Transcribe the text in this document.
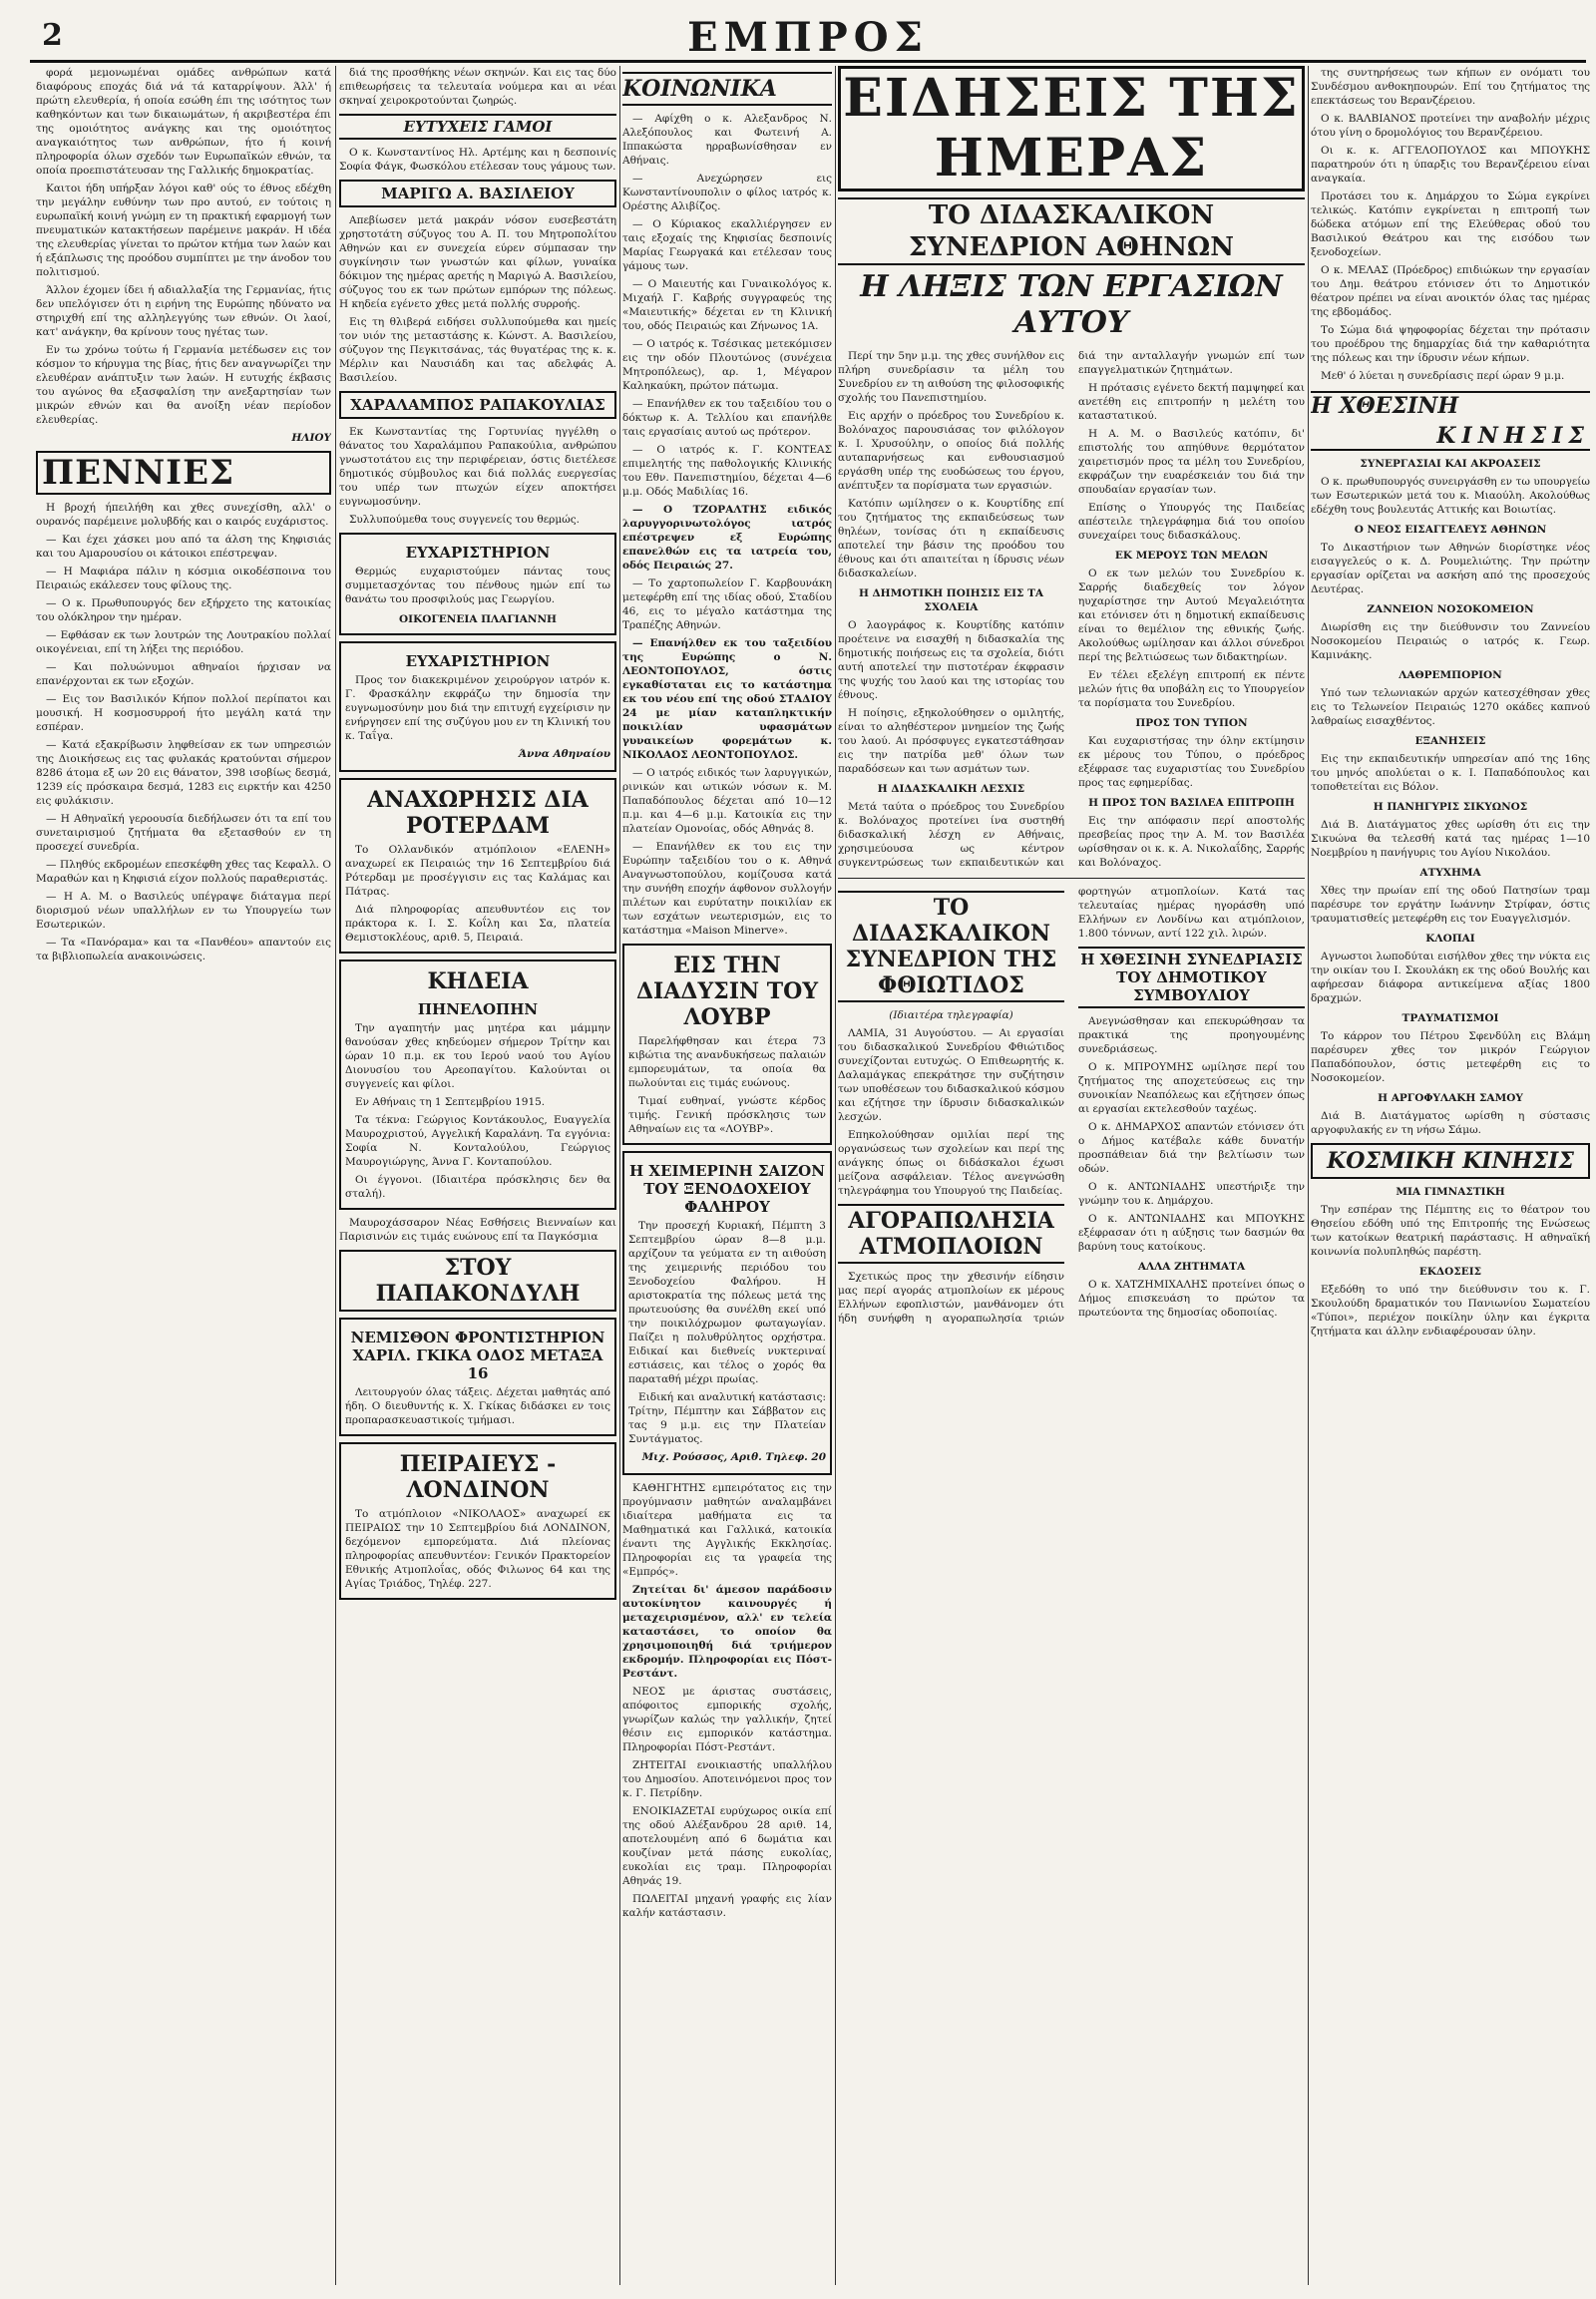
2	ΕΜΠΡΟΣ

φορά μεμονωμέναι ομάδες ανθρώπων κατά διαφόρους εποχάς διά νά τά καταρρίψουν. Άλλ' ή πρώτη ελευθερία, ή οποία εσώθη έπι της ισότητος των καθηκόντων και των δικαιωμάτων, ή ακριβεστέρα έπι της ομοιότητος ανάγκης και της ομοιότητος αναγκαιότητος των ανθρώπων, ήτο ή κοινή πληροφορία όλων σχεδόν των Ευρωπαϊκών εθνών, τα οποία προεπιστάτευσαν της Γαλλικής δημοκρατίας.

Καιτοι ήδη υπήρξαν λόγοι καθ' ούς το έθνος εδέχθη την μεγάλην ευθύνην των προ αυτού, εν τούτοις η ευρωπαϊκή κοινή γνώμη εν τη πρακτική εφαρμογή των πνευματικών κατακτήσεων παρέμεινε μακράν. Η ιδέα της ελευθερίας γίνεται το πρώτον κτήμα των λαών και ή εξάπλωσις της προόδου συμπίπτει με την άνοδον του πολιτισμού.

Άλλον έχομεν ίδει ή αδιαλλαξία της Γερμανίας, ήτις δεν υπελόγισεν ότι η ειρήνη της Ευρώπης ηδύνατο να στηριχθή επί της αλληλεγγύης των εθνών. Οι λαοί, κατ' ανάγκην, θα κρίνουν τους ηγέτας των.

Εν τω χρόνω τούτω ή Γερμανία μετέδωσεν εις τον κόσμον το κήρυγμα της βίας, ήτις δεν αναγνωρίζει την ελευθέραν ανάπτυξιν των λαών. Η ευτυχής έκβασις του αγώνος θα εξασφαλίση την ανεξαρτησίαν των μικρών εθνών και θα ανοίξη νέαν περίοδον ελευθερίας.

ΗΛΙΟΥ
ΠΕΝΝΙΕΣ

Η βροχή ήπειλήθη και χθες συνεχίσθη, αλλ' ο ουρανός παρέμεινε μολυβδής και ο καιρός ευχάριστος.

— Και έχει χάσκει μου από τα άλση της Κηφισιάς και του Αμαρουσίου οι κάτοικοι επέστρεψαν.

— Η Μαφιάρα πάλιν η κόσμια οικοδέσποινα του Πειραιώς εκάλεσεν τους φίλους της.

— Ο κ. Πρωθυπουργός δεν εξήρχετο της κατοικίας του ολόκληρον την ημέραν.

— Εφθάσαν εκ των λουτρών της Λουτρακίου πολλαί οικογένειαι, επί τη λήξει της περιόδου.

— Και πολυώνυμοι αθηναίοι ήρχισαν να επανέρχονται εκ των εξοχών.

— Εις τον Βασιλικόν Κήπον πολλοί περίπατοι και μουσική. Η κοσμοσυρροή ήτο μεγάλη κατά την εσπέραν.

— Κατά εξακρίβωσιν ληφθείσαν εκ των υπηρεσιών της Διοικήσεως εις τας φυλακάς κρατούνται σήμερον 8286 άτομα εξ ων 20 εις θάνατον, 398 ισοβίως δεσμά, 1239 είς πρόσκαιρα δεσμά, 1283 εις ειρκτήν και 4250 εις φυλάκισιν.

— Η Αθηναϊκή γεροουσία διεδήλωσεν ότι τα επί του συνεταιρισμού ζητήματα θα εξετασθούν εν τη προσεχεί συνεδρία.

— Πληθύς εκδρομέων επεσκέφθη χθες τας Κεφαλλ. Ο Μαραθών και η Κηφισιά είχον πολλούς παραθεριστάς.

— Η Α. Μ. ο Βασιλεύς υπέγραψε διάταγμα περί διορισμού νέων υπαλλήλων εν τω Υπουργείω των Εσωτερικών.

— Τα «Πανόραμα» και τα «Πανθέου» απαντούν εις τα βιβλιοπωλεία ανακοινώσεις.

διά της προσθήκης νέων σκηνών. Και εις τας δύο επιθεωρήσεις τα τελευταία νούμερα και αι νέαι σκηναί χειροκροτούνται ζωηρώς.

ΕΥΤΥΧΕΙΣ ΓΑΜΟΙ

Ο κ. Κωνσταντίνος Ηλ. Αρτέμης και η δεσποινίς Σοφία Φάγκ, Φωσκόλου ετέλεσαν τους γάμους των.

ΜΑΡΙΓΩ Α. ΒΑΣΙΛΕΙΟΥ

Απεβίωσεν μετά μακράν νόσον ευσεβεστάτη χρηστοτάτη σύζυγος του Α. Π. του Μητροπολίτου Αθηνών και εν συνεχεία εύρεν σύμπασαν την συγκίνησιν των γνωστών και φίλων, γυναίκα δόκιμον της ημέρας αρετής η Μαριγώ Α. Βασιλείου, σύζυγος του εκ των πρώτων εμπόρων της πόλεως. Η κηδεία εγένετο χθες μετά πολλής συρροής.

Εις τη θλιβερά ειδήσει συλλυπούμεθα και ημείς τον υιόν της μεταστάσης κ. Κώνστ. Α. Βασιλείου, σύζυγον της Πεγκιτσάνας, τάς θυγατέρας της κ. κ. Μέρλιν και Ναυσιάδη και τας αδελφάς Α. Βασιλείου.

ΧΑΡΑΛΑΜΠΟΣ ΡΑΠΑΚΟΥΛΙΑΣ

Εκ Κωνσταντίας της Γορτυνίας ηγγέλθη ο θάνατος του Χαραλάμπου Ραπακούλια, ανθρώπου γνωστοτάτου εις την περιφέρειαν, όστις διετέλεσε δημοτικός σύμβουλος και διά πολλάς ευεργεσίας του υπέρ των πτωχών είχεν αποκτήσει ευγνωμοσύνην.

Συλλυπούμεθα τους συγγενείς του θερμώς.

ΕΥΧΑΡΙΣΤΗΡΙΟΝ

Θερμώς ευχαριστούμεν πάντας τους συμμετασχόντας του πένθους ημών επί τω θανάτω του προσφιλούς μας Γεωργίου.

ΟΙΚΟΓΕΝΕΙΑ ΠΛΑΓΙΑΝΝΗ
ΕΥΧΑΡΙΣΤΗΡΙΟΝ

Προς τον διακεκριμένον χειρούργον ιατρόν κ. Γ. Φρασκάλην εκφράζω την δημοσία την ευγνωμοσύνην μου διά την επιτυχή εγχείρισιν ην ενήργησεν επί της συζύγου μου εν τη Κλινική του κ. Ταΐγα.

Άννα Αθηναίου
ΑΝΑΧΩΡΗΣΙΣ ΔΙΑ ΡΟΤΕΡΔΑΜ

Το Ολλανδικόν ατμόπλοιον «ΕΛΕΝΗ» αναχωρεί εκ Πειραιώς την 16 Σεπτεμβρίου διά Ρότερδαμ με προσέγγισιν εις τας Καλάμας και Πάτρας.

Διά πληροφορίας απευθυντέον εις τον πράκτορα κ. Ι. Σ. Κοΐλη και Σα, πλατεία Θεμιστοκλέους, αριθ. 5, Πειραιά.

ΚΗΔΕΙΑ
ΠΗΝΕΛΟΠΗΝ

Την αγαπητήν μας μητέρα και μάμμην θανούσαν χθες κηδεύομεν σήμερον Τρίτην και ώραν 10 π.μ. εκ του Ιερού ναού του Αγίου Διονυσίου του Αρεοπαγίτου. Καλούνται οι συγγενείς και φίλοι.

Εν Αθήναις τη 1 Σεπτεμβρίου 1915.

Τα τέκνα: Γεώργιος Κοντάκουλος, Ευαγγελία Μαυροχριστού, Αγγελική Καραλάνη. Τα εγγόνια: Σοφία Ν. Κονταλούλου, Γεώργιος Μαυρογιώργης, Άννα Γ. Κονταπούλου.

Οι έγγονοι. (Ιδιαιτέρα πρόσκλησις δεν θα σταλή).

Μαυροχάσσαρον Νέας Εσθήσεις Βιενναίων και Παρισινών εις τιμάς ευώνους επί τα Παγκόσμια

ΣΤΟΥ ΠΑΠΑΚΟΝΔΥΛΗ
ΝΕΜΙΣΘΟΝ ΦΡΟΝΤΙΣΤΗΡΙΟΝ ΧΑΡΙΛ. ΓΚΙΚΑ ΟΔΟΣ ΜΕΤΑΞΑ 16

Λειτουργούν όλας τάξεις. Δέχεται μαθητάς από ήδη. Ο διευθυντής κ. Χ. Γκίκας διδάσκει εν τοις προπαρασκευαστικοίς τμήμασι.

ΠΕΙΡΑΙΕΥΣ - ΛΟΝΔΙΝΟΝ

Το ατμόπλοιον «ΝΙΚΟΛΑΟΣ» αναχωρεί εκ ΠΕΙΡΑΙΩΣ την 10 Σεπτεμβρίου διά ΛΟΝΔΙΝΟΝ, δεχόμενον εμπορεύματα. Διά πλείονας πληροφορίας απευθυντέον: Γενικόν Πρακτορείον Εθνικής Ατμοπλοΐας, οδός Φιλωνος 64 και της Αγίας Τριάδος, Τηλέφ. 227.

ΚΟΙΝΩΝΙΚΑ

— Αφίχθη ο κ. Αλεξανδρος Ν. Αλεξόπουλος και Φωτεινή Α. Ιππακώστα ηρραβωνίσθησαν εν Αθήναις.

— Ανεχώρησεν εις Κωνσταντίνουπολιν ο φίλος ιατρός κ. Ορέστης Αλιβίζος.

— Ο Κύριακος εκαλλιέργησεν εν ταις εξοχαίς της Κηφισίας δεσποινίς Μαρίας Γεωργακά και ετέλεσαν τους γάμους των.

— Ο Μαιευτής και Γυναικολόγος κ. Μιχαήλ Γ. Καβρής συγγραφεύς της «Μαιευτικής» δέχεται εν τη Κλινική του, οδός Πειραιώς και Ζήνωνος 1Α.

— Ο ιατρός κ. Τσέσικας μετεκόμισεν εις την οδόν Πλουτώνος (συνέχεια Μητροπόλεως), αρ. 1, Μέγαρον Καληκαύκη, πρώτον πάτωμα.

— Επανήλθεν εκ του ταξειδίου του ο δόκτωρ κ. Α. Τελλίου και επανήλθε ταις εργασίαις αυτού ως πρότερον.

— Ο ιατρός κ. Γ. ΚΟΝΤΕΑΣ επιμελητής της παθολογικής Κλινικής του Εθν. Πανεπιστημίου, δέχεται 4—6 μ.μ. Οδός Μαδιλίας 16.

— Ο ΤΖΟΡΑΛΤΗΣ ειδικός λαρυγγορινωτολόγος ιατρός επέστρεψεν εξ Ευρώπης επανελθών εις τα ιατρεία του, οδός Πειραιώς 27.

— Το χαρτοπωλείον Γ. Καρβουνάκη μετεφέρθη επί της ιδίας οδού, Σταδίου 46, εις το μέγαλο κατάστημα της Τραπέζης Αθηνών.

— Επανήλθεν εκ του ταξειδίου της Ευρώπης ο Ν. ΛΕΟΝΤΟΠΟΥΛΟΣ, όστις εγκαθίσταται εις το κατάστημα εκ του νέου επί της οδού ΣΤΑΔΙΟΥ 24 με μίαν καταπληκτικήν ποικιλίαν υφασμάτων γυναικείων φορεμάτων κ. ΝΙΚΟΛΑΟΣ ΛΕΟΝΤΟΠΟΥΛΟΣ.

— Ο ιατρός ειδικός των λαρυγγικών, ρινικών και ωτικών νόσων κ. Μ. Παπαδόπουλος δέχεται από 10—12 π.μ. και 4—6 μ.μ. Κατοικία εις την πλατείαν Ομονοίας, οδός Αθηνάς 8.

— Επανήλθεν εκ του εις την Ευρώπην ταξειδίου του ο κ. Αθηνά Αναγνωστοπούλου, κομίζουσα κατά την συνήθη εποχήν άφθονον συλλογήν πιλέτων και ευρύτατην ποικιλίαν εκ των εσχάτων νεωτερισμών, εις το κατάστημα «Maison Minerve».

ΕΙΣ ΤΗΝ ΔΙΑΔΥΣΙΝ ΤΟΥ ΛΟΥΒΡ

Παρελήφθησαν και έτερα 73 κιβώτια της ανανδυκήσεως παλαιών εμπορευμάτων, τα οποία θα πωλούνται εις τιμάς ευώνους.

Τιμαί ευθηναί, γνώστε κέρδος τιμής. Γενική πρόσκλησις των Αθηναίων εις τα «ΛΟΥΒΡ».

Η ΧΕΙΜΕΡΙΝΗ ΣΑΙΖΟΝ ΤΟΥ ΞΕΝΟΔΟΧΕΙΟΥ ΦΑΛΗΡΟΥ

Την προσεχή Κυριακή, Πέμπτη 3 Σεπτεμβρίου ώραν 8—8 μ.μ. αρχίζουν τα γεύματα εν τη αιθούση της χειμερινής περιόδου του Ξενοδοχείου Φαλήρου. Η αριστοκρατία της πόλεως μετά της πρωτευούσης θα συνέλθη εκεί υπό την ποικιλόχρωμον φωταγωγίαν. Παίζει η πολυθρύλητος ορχήστρα. Ειδικαί και διεθνείς νυκτεριναί εστιάσεις, και τέλος ο χορός θα παραταθή μέχρι πρωίας.

Ειδική και αναλυτική κατάστασις: Τρίτην, Πέμπτην και Σάββατον εις τας 9 μ.μ. εις την Πλατείαν Συντάγματος.

Μιχ. Ρούσσος, Αριθ. Τηλεφ. 20

ΚΑΘΗΓΗΤΗΣ εμπειρότατος εις την προγύμνασιν μαθητών αναλαμβάνει ιδιαίτερα μαθήματα εις τα Μαθηματικά και Γαλλικά, κατοικία έναντι της Αγγλικής Εκκλησίας. Πληροφορίαι εις τα γραφεία της «Εμπρός».

Ζητείται δι' άμεσον παράδοσιν αυτοκίνητον καινουργές ή μεταχειρισμένον, αλλ' εν τελεία καταστάσει, το οποίον θα χρησιμοποιηθή διά τριήμερον εκδρομήν. Πληροφορίαι εις Πόστ-Ρεστάντ.

ΝΕΟΣ με άριστας συστάσεις, απόφοιτος εμπορικής σχολής, γνωρίζων καλώς την γαλλικήν, ζητεί θέσιν εις εμπορικόν κατάστημα. Πληροφορίαι Πόστ-Ρεστάντ.

ΖΗΤΕΙΤΑΙ ενοικιαστής υπαλλήλου του Δημοσίου. Αποτεινόμενοι προς τον κ. Γ. Πετρίδην.

ΕΝΟΙΚΙΑΖΕΤΑΙ ευρύχωρος οικία επί της οδού Αλέξανδρου 28 αριθ. 14, αποτελουμένη από 6 δωμάτια και κουζίναν μετά πάσης ευκολίας, ευκολίαι εις τραμ. Πληροφορίαι Αθηνάς 19.

ΠΩΛΕΙΤΑΙ μηχανή γραφής εις λίαν καλήν κατάστασιν.

ΕΙΔΗΣΕΙΣ ΤΗΣ ΗΜΕΡΑΣ
ΤΟ ΔΙΔΑΣΚΑΛΙΚΟΝ ΣΥΝΕΔΡΙΟΝ ΑΘΗΝΩΝ
Η ΛΗΞΙΣ ΤΩΝ ΕΡΓΑΣΙΩΝ ΑΥΤΟΥ

Περί την 5ην μ.μ. της χθες συνήλθον εις πλήρη συνεδρίασιν τα μέλη του Συνεδρίου εν τη αιθούση της φιλοσοφικής σχολής του Πανεπιστημίου.

Εις αρχήν ο πρόεδρος του Συνεδρίου κ. Βολόναχος παρουσιάσας τον φιλόλογον κ. Ι. Χρυσούλην, ο οποίος διά πολλής αυταπαρνήσεως και ενθουσιασμού εργάσθη υπέρ της ευοδώσεως του έργου, ανέπτυξεν τα πορίσματα των εργασιών.

Κατόπιν ωμίλησεν ο κ. Κουρτίδης επί του ζητήματος της εκπαιδεύσεως των θηλέων, τονίσας ότι η εκπαίδευσις αποτελεί την βάσιν της προόδου του έθνους και ότι απαιτείται η ίδρυσις νέων διδασκαλείων.

Η ΔΗΜΟΤΙΚΗ ΠΟΙΗΣΙΣ ΕΙΣ ΤΑ ΣΧΟΛΕΙΑ

Ο λαογράφος κ. Κουρτίδης κατόπιν προέτεινε να εισαχθή η διδασκαλία της δημοτικής ποιήσεως εις τα σχολεία, διότι αυτή αποτελεί την πιστοτέραν έκφρασιν της ψυχής του λαού και της ιστορίας του έθνους.

Η ποίησις, εξηκολούθησεν ο ομιλητής, είναι το αληθέστερον μνημείον της ζωής του λαού. Αι πρόσφυγες εγκατεστάθησαν εις την πατρίδα μεθ' όλων των παραδόσεων και των ασμάτων των.

Η ΔΙΔΑΣΚΑΛΙΚΗ ΛΕΣΧΙΣ

Μετά ταύτα ο πρόεδρος του Συνεδρίου κ. Βολόναχος προτείνει ίνα συστηθή διδασκαλική λέσχη εν Αθήναις, χρησιμεύουσα ως κέντρον συγκεντρώσεως των εκπαιδευτικών και διά την ανταλλαγήν γνωμών επί των επαγγελματικών ζητημάτων.

Η πρότασις εγένετο δεκτή παμψηφεί και ανετέθη εις επιτροπήν η μελέτη του καταστατικού.

Η Α. Μ. ο Βασιλεύς κατόπιν, δι' επιστολής του απηύθυνε θερμότατον χαιρετισμόν προς τα μέλη του Συνεδρίου, εκφράζων την ευαρέσκειάν του διά την σπουδαίαν εργασίαν των.

Επίσης ο Υπουργός της Παιδείας απέστειλε τηλεγράφημα διά του οποίου συνεχαίρει τους διδασκάλους.

ΕΚ ΜΕΡΟΥΣ ΤΩΝ ΜΕΛΩΝ

Ο εκ των μελών του Συνεδρίου κ. Σαρρής διαδεχθείς τον λόγον ηυχαρίστησε την Αυτού Μεγαλειότητα και ετόνισεν ότι η δημοτική εκπαίδευσις είναι το θεμέλιον της εθνικής ζωής. Ακολούθως ωμίλησαν και άλλοι σύνεδροι περί της βελτιώσεως των διδακτηρίων.

Εν τέλει εξελέγη επιτροπή εκ πέντε μελών ήτις θα υποβάλη εις το Υπουργείον τα πορίσματα του Συνεδρίου.

ΠΡΟΣ ΤΟΝ ΤΥΠΟΝ

Και ευχαριστήσας την όλην εκτίμησιν εκ μέρους του Τύπου, ο πρόεδρος εξέφρασε τας ευχαριστίας του Συνεδρίου προς τας εφημερίδας.

Η ΠΡΟΣ ΤΟΝ ΒΑΣΙΛΕΑ ΕΠΙΤΡΟΠΗ

Εις την απόφασιν περί αποστολής πρεσβείας προς την Α. Μ. τον Βασιλέα ωρίσθησαν οι κ. κ. Α. Νικολαΐδης, Σαρρής και Βολόναχος.

ΤΟ ΔΙΔΑΣΚΑΛΙΚΟΝ ΣΥΝΕΔΡΙΟΝ ΤΗΣ ΦΘΙΩΤΙΔΟΣ
(Ιδιαιτέρα τηλεγραφία)

ΛΑΜΙΑ, 31 Αυγούστου. — Αι εργασίαι του διδασκαλικού Συνεδρίου Φθιώτιδος συνεχίζονται ευτυχώς. Ο Επιθεωρητής κ. Δαλαμάγκας επεκράτησε την συζήτησιν των υποθέσεων του διδασκαλικού κόσμου και εζήτησε την ίδρυσιν διδασκαλικών λεσχών.

Επηκολούθησαν ομιλίαι περί της οργανώσεως των σχολείων και περί της ανάγκης όπως οι διδάσκαλοι έχωσι μείζονα ασφάλειαν. Τέλος ανεγνώσθη τηλεγράφημα του Υπουργού της Παιδείας.

ΑΓΟΡΑΠΩΛΗΣΙΑ ΑΤΜΟΠΛΟΙΩΝ

Σχετικώς προς την χθεσινήν είδησιν μας περί αγοράς ατμοπλοίων εκ μέρους Ελλήνων εφοπλιστών, μανθάνομεν ότι ήδη συνήφθη η αγοραπωλησία τριών φορτηγών ατμοπλοίων. Κατά τας τελευταίας ημέρας ηγοράσθη υπό Ελλήνων εν Λονδίνω και ατμόπλοιον, 1.800 τόννων, αντί 122 χιλ. λιρών.

Η ΧΘΕΣΙΝΗ ΣΥΝΕΔΡΙΑΣΙΣ ΤΟΥ ΔΗΜΟΤΙΚΟΥ ΣΥΜΒΟΥΛΙΟΥ

Ανεγνώσθησαν και επεκυρώθησαν τα πρακτικά της προηγουμένης συνεδριάσεως.

Ο κ. ΜΠΡΟΥΜΗΣ ωμίλησε περί του ζητήματος της αποχετεύσεως εις την συνοικίαν Νεαπόλεως και εζήτησεν όπως αι εργασίαι εκτελεσθούν ταχέως.

Ο κ. ΔΗΜΑΡΧΟΣ απαντών ετόνισεν ότι ο Δήμος κατέβαλε κάθε δυνατήν προσπάθειαν διά την βελτίωσιν των οδών.

Ο κ. ΑΝΤΩΝΙΑΔΗΣ υπεστήριξε την γνώμην του κ. Δημάρχου.

Ο κ. ΑΝΤΩΝΙΑΔΗΣ και ΜΠΟΥΚΗΣ εξέφρασαν ότι η αύξησις των δασμών θα βαρύνη τους κατοίκους.

ΑΛΛΑ ΖΗΤΗΜΑΤΑ

Ο κ. ΧΑΤΖΗΜΙΧΑΛΗΣ προτείνει όπως ο Δήμος επισκευάση το πρώτον τα πρωτεύοντα της δημοσίας οδοποιίας.

της συντηρήσεως των κήπων εν ονόματι του Συνδέσμου ανθοκηπουρών. Επί του ζητήματος της επεκτάσεως του Βερανζέρειου.

Ο κ. ΒΑΛΒΙΑΝΟΣ προτείνει την αναβολήν μέχρις ότου γίνη ο δρομολόγιος του Βερανζέρειου.

Οι κ. κ. ΑΓΓΕΛΟΠΟΥΛΟΣ και ΜΠΟΥΚΗΣ παρατηρούν ότι η ύπαρξις του Βερανζέρειου είναι αναγκαία.

Προτάσει του κ. Δημάρχου το Σώμα εγκρίνει τελικώς. Κατόπιν εγκρίνεται η επιτροπή των δώδεκα ατόμων επί της Ελεύθερας οδού του Βασιλικού Θεάτρου και της εισόδου των ξενοδοχείων.

Ο κ. ΜΕΛΑΣ (Πρόεδρος) επιδιώκων την εργασίαν του Δημ. θεάτρου ετόνισεν ότι το Δημοτικόν θέατρον πρέπει να είναι ανοικτόν όλας τας ημέρας της εβδομάδος.

Το Σώμα διά ψηφοφορίας δέχεται την πρότασιν του προέδρου της δημαρχίας διά την καθαριότητα της πόλεως και την ίδρυσιν νέων κήπων.

Μεθ' ό λύεται η συνεδρίασις περί ώραν 9 μ.μ.

Η ΧΘΕΣΙΝΗ
ΚΙΝΗΣΙΣ
ΣΥΝΕΡΓΑΣΙΑΙ ΚΑΙ ΑΚΡΟΑΣΕΙΣ

Ο κ. πρωθυπουργός συνειργάσθη εν τω υπουργείω των Εσωτερικών μετά του κ. Μιαούλη. Ακολούθως εδέχθη τους βουλευτάς Αττικής και Βοιωτίας.

Ο ΝΕΟΣ ΕΙΣΑΓΓΕΛΕΥΣ ΑΘΗΝΩΝ

Το Δικαστήριον των Αθηνών διορίστηκε νέος εισαγγελεύς ο κ. Δ. Ρουμελιώτης. Την πρώτην εργασίαν ορίζεται να ασκήση από της προσεχούς Δευτέρας.

ΖΑΝΝΕΙΟΝ ΝΟΣΟΚΟΜΕΙΟΝ

Διωρίσθη εις την διεύθυνσιν του Ζαννείου Νοσοκομείου Πειραιώς ο ιατρός κ. Γεωρ. Καμινάκης.

ΛΑΘΡΕΜΠΟΡΙΟΝ

Υπό των τελωνιακών αρχών κατεσχέθησαν χθες εις το Τελωνείον Πειραιώς 1270 οκάδες καπνού λαθραίως εισαχθέντος.

ΕΞΑΝΗΣΕΙΣ

Εις την εκπαιδευτικήν υπηρεσίαν από της 16ης του μηνός απολύεται ο κ. Ι. Παπαδόπουλος και τοποθετείται εις Βόλον.

Η ΠΑΝΗΓΥΡΙΣ ΣΙΚΥΩΝΟΣ

Διά Β. Διατάγματος χθες ωρίσθη ότι εις την Σικυώνα θα τελεσθή κατά τας ημέρας 1—10 Νοεμβρίου η πανήγυρις του Αγίου Νικολάου.

ΑΤΥΧΗΜΑ

Χθες την πρωίαν επί της οδού Πατησίων τραμ παρέσυρε τον εργάτην Ιωάννην Στρίφαν, όστις τραυματισθείς μετεφέρθη εις τον Ευαγγελισμόν.

ΚΛΟΠΑΙ

Αγνωστοι λωποδύται εισήλθον χθες την νύκτα εις την οικίαν του Ι. Σκουλάκη εκ της οδού Βουλής και αφήρεσαν διάφορα αντικείμενα αξίας 1800 δραχμών.

ΤΡΑΥΜΑΤΙΣΜΟΙ

Το κάρρον του Πέτρου Σφενδύλη εις Βλάμη παρέσυρεν χθες τον μικρόν Γεώργιον Παπαδόπουλον, όστις μετεφέρθη εις το Νοσοκομείον.

Η ΑΡΓΟΦΥΛΑΚΗ ΣΑΜΟΥ

Διά Β. Διατάγματος ωρίσθη η σύστασις αργοφυλακής εν τη νήσω Σάμω.

ΚΟΣΜΙΚΗ ΚΙΝΗΣΙΣ
ΜΙΑ ΓΙΜΝΑΣΤΙΚΗ

Την εσπέραν της Πέμπτης εις το θέατρον του Θησείου εδόθη υπό της Επιτροπής της Ενώσεως των κατοίκων θεατρική παράστασις. Η αθηναϊκή κοινωνία πολυπληθώς παρέστη.

ΕΚΔΟΣΕΙΣ

Εξεδόθη το υπό την διεύθυνσιν του κ. Γ. Σκουλούδη δραματικόν του Πανιωνίου Σωματείου «Τύποι», περιέχον ποικίλην ύλην και έγκριτα ζητήματα και άλλην ενδιαφέρουσαν ύλην.
